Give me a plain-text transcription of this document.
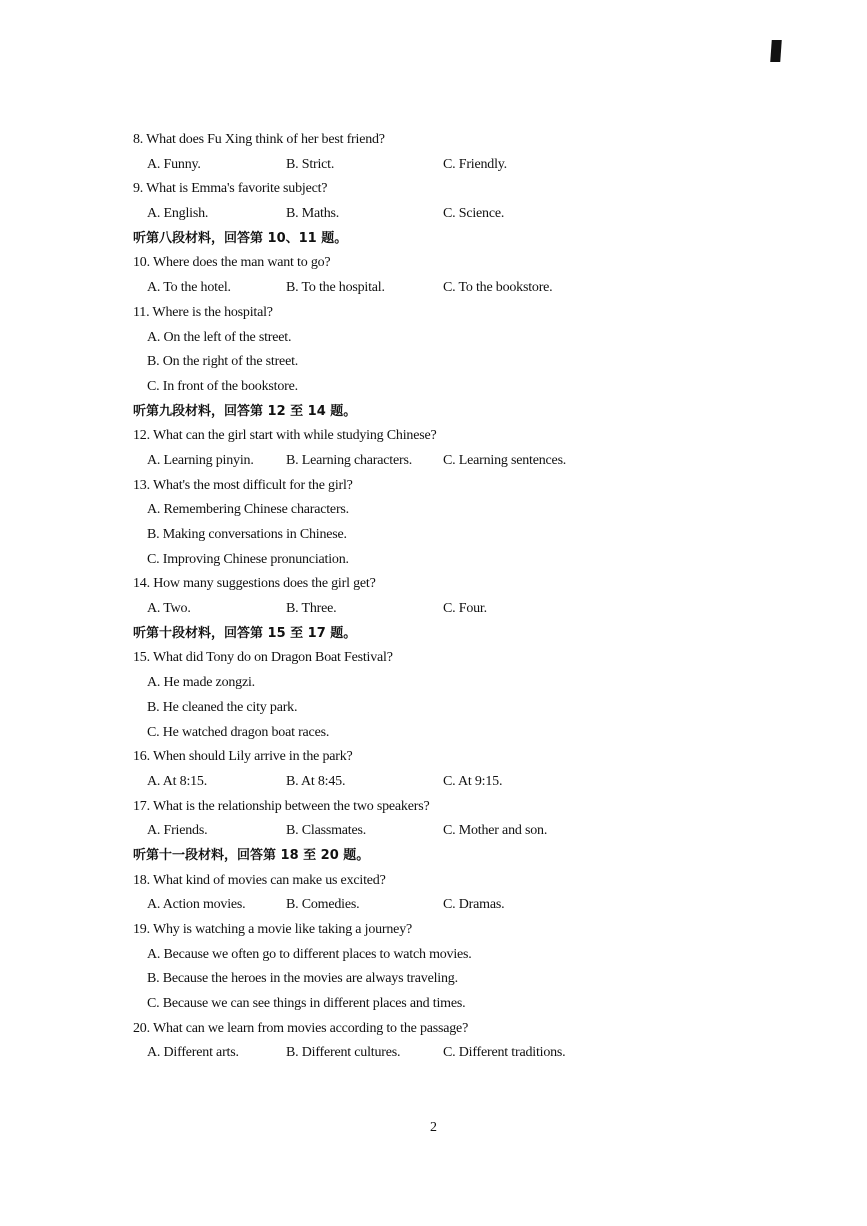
8. What does Fu Xing think of her best friend?
A. Funny.	B. Strict.	C. Friendly.
9. What is Emma's favorite subject?
A. English.	B. Maths.	C. Science.
听第八段材料，回答第 10、11 题。
10. Where does the man want to go?
A. To the hotel.	B. To the hospital.	C. To the bookstore.
11. Where is the hospital?
A. On the left of the street.
B. On the right of the street.
C. In front of the bookstore.
听第九段材料，回答第 12 至 14 题。
12. What can the girl start with while studying Chinese?
A. Learning pinyin. B. Learning characters. C. Learning sentences.
13. What's the most difficult for the girl?
A. Remembering Chinese characters.
B. Making conversations in Chinese.
C. Improving Chinese pronunciation.
14. How many suggestions does the girl get?
A. Two.	B. Three.	C. Four.
听第十段材料，回答第 15 至 17 题。
15. What did Tony do on Dragon Boat Festival?
A. He made zongzi.
B. He cleaned the city park.
C. He watched dragon boat races.
16. When should Lily arrive in the park?
A. At 8:15.	B. At 8:45.	C. At 9:15.
17. What is the relationship between the two speakers?
A. Friends.	B. Classmates.	C. Mother and son.
听第十一段材料，回答第 18 至 20 题。
18. What kind of movies can make us excited?
A. Action movies.	B. Comedies.	C. Dramas.
19. Why is watching a movie like taking a journey?
A. Because we often go to different places to watch movies.
B. Because the heroes in the movies are always traveling.
C. Because we can see things in different places and times.
20. What can we learn from movies according to the passage?
A. Different arts.	B. Different cultures.	C. Different traditions.
2
